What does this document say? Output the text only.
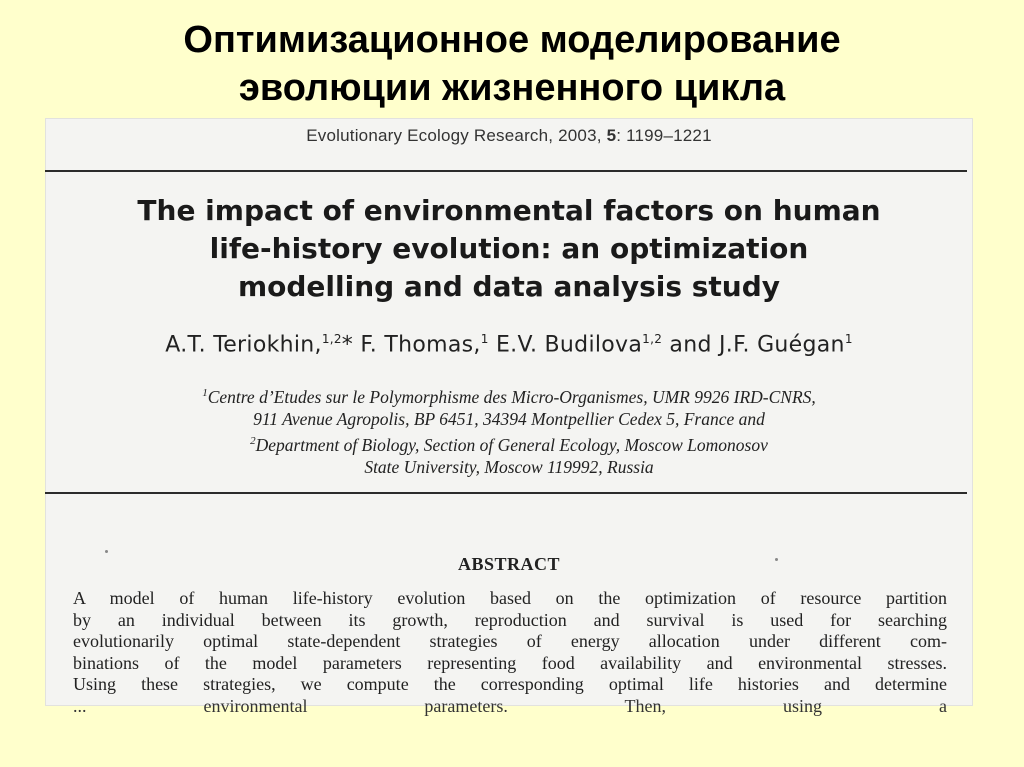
Оптимизационное моделирование
эволюции жизненного цикла
Evolutionary Ecology Research, 2003, 5: 1199–1221
The impact of environmental factors on human
life-history evolution: an optimization
modelling and data analysis study
A.T. Teriokhin,$^{1,2}$* F. Thomas,$^1$ E.V. Budilova$^{1,2}$ and J.F. Guégan$^1$
$^1$Centre d’Etudes sur le Polymorphisme des Micro-Organismes, UMR 9926 IRD-CNRS,
911 Avenue Agropolis, BP 6451, 34394 Montpellier Cedex 5, France and
$^2$Department of Biology, Section of General Ecology, Moscow Lomonosov
State University, Moscow 119992, Russia
ABSTRACT
A model of human life-history evolution based on the optimization of resource partition
by an individual between its growth, reproduction and survival is used for searching
evolutionarily optimal state-dependent strategies of energy allocation under different com-
binations of the model parameters representing food availability and environmental stresses.
Using these strategies, we compute the corresponding optimal life histories and determine
... environmental parameters. Then, using a
